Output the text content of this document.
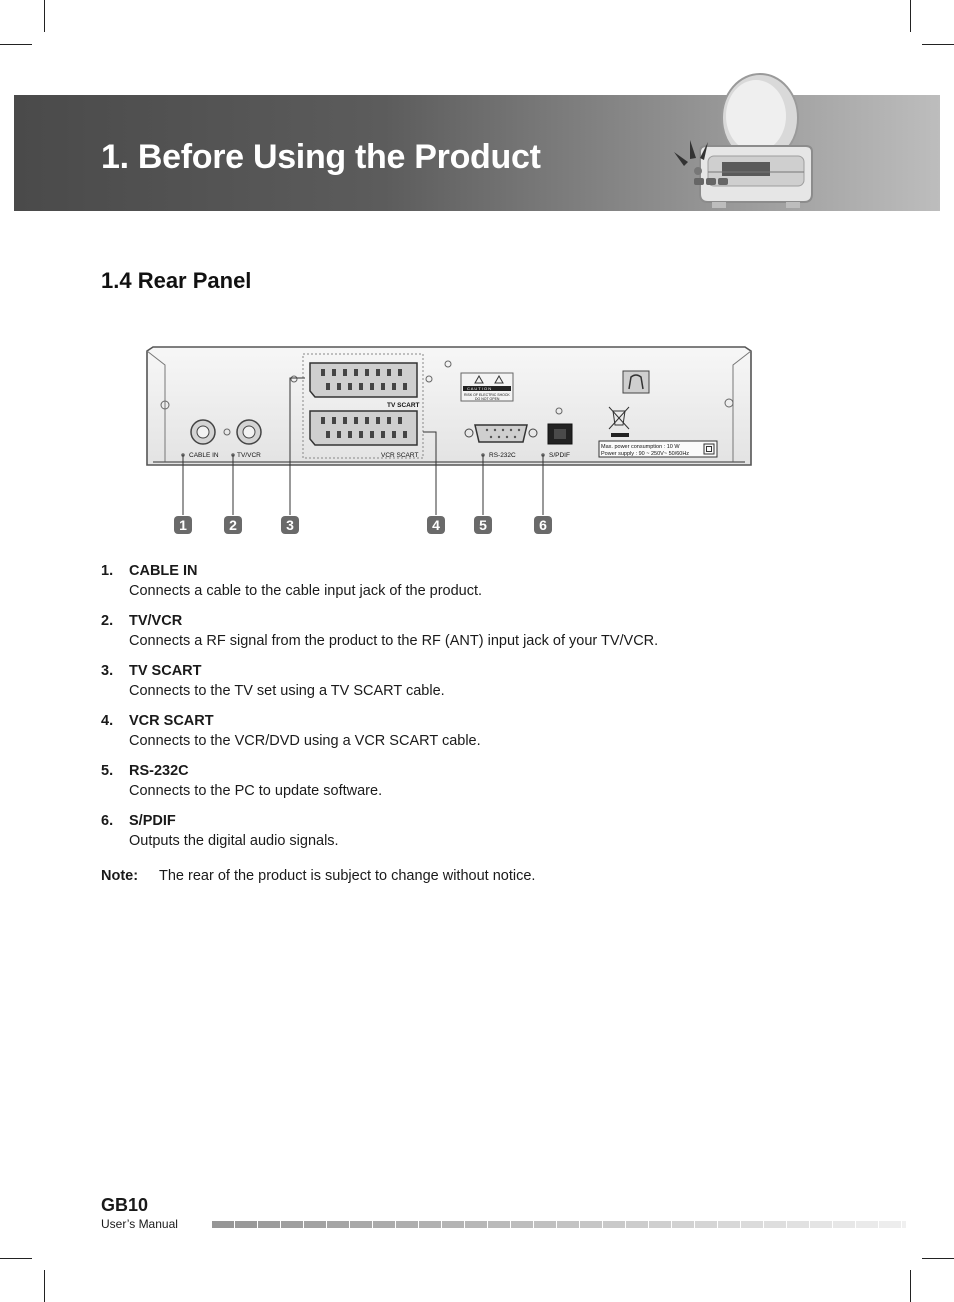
1. Before Using the Product
1.4 Rear Panel
CABLE IN	TV/VCR
TV SCART
VCR SCART	RS-232C	S/PDIF
C A U T I O N
RISK OF ELECTRIC SHOCK
DO NOT OPEN
Max. power consumption : 10 W
Power supply : 90 ~ 250V~ 50/60Hz
1	2	3	4	5	6
1. CABLE IN
Connects a cable to the cable input jack of the product.
2. TV/VCR
Connects a RF signal from the product to the RF (ANT) input jack of your TV/VCR.
3. TV SCART
Connects to the TV set using a TV SCART cable.
4. VCR SCART
Connects to the VCR/DVD using a VCR SCART cable.
5. RS-232C
Connects to the PC to update software.
6. S/PDIF
Outputs the digital audio signals.
Note: The rear of the product is subject to change without notice.
GB10
User’s Manual
